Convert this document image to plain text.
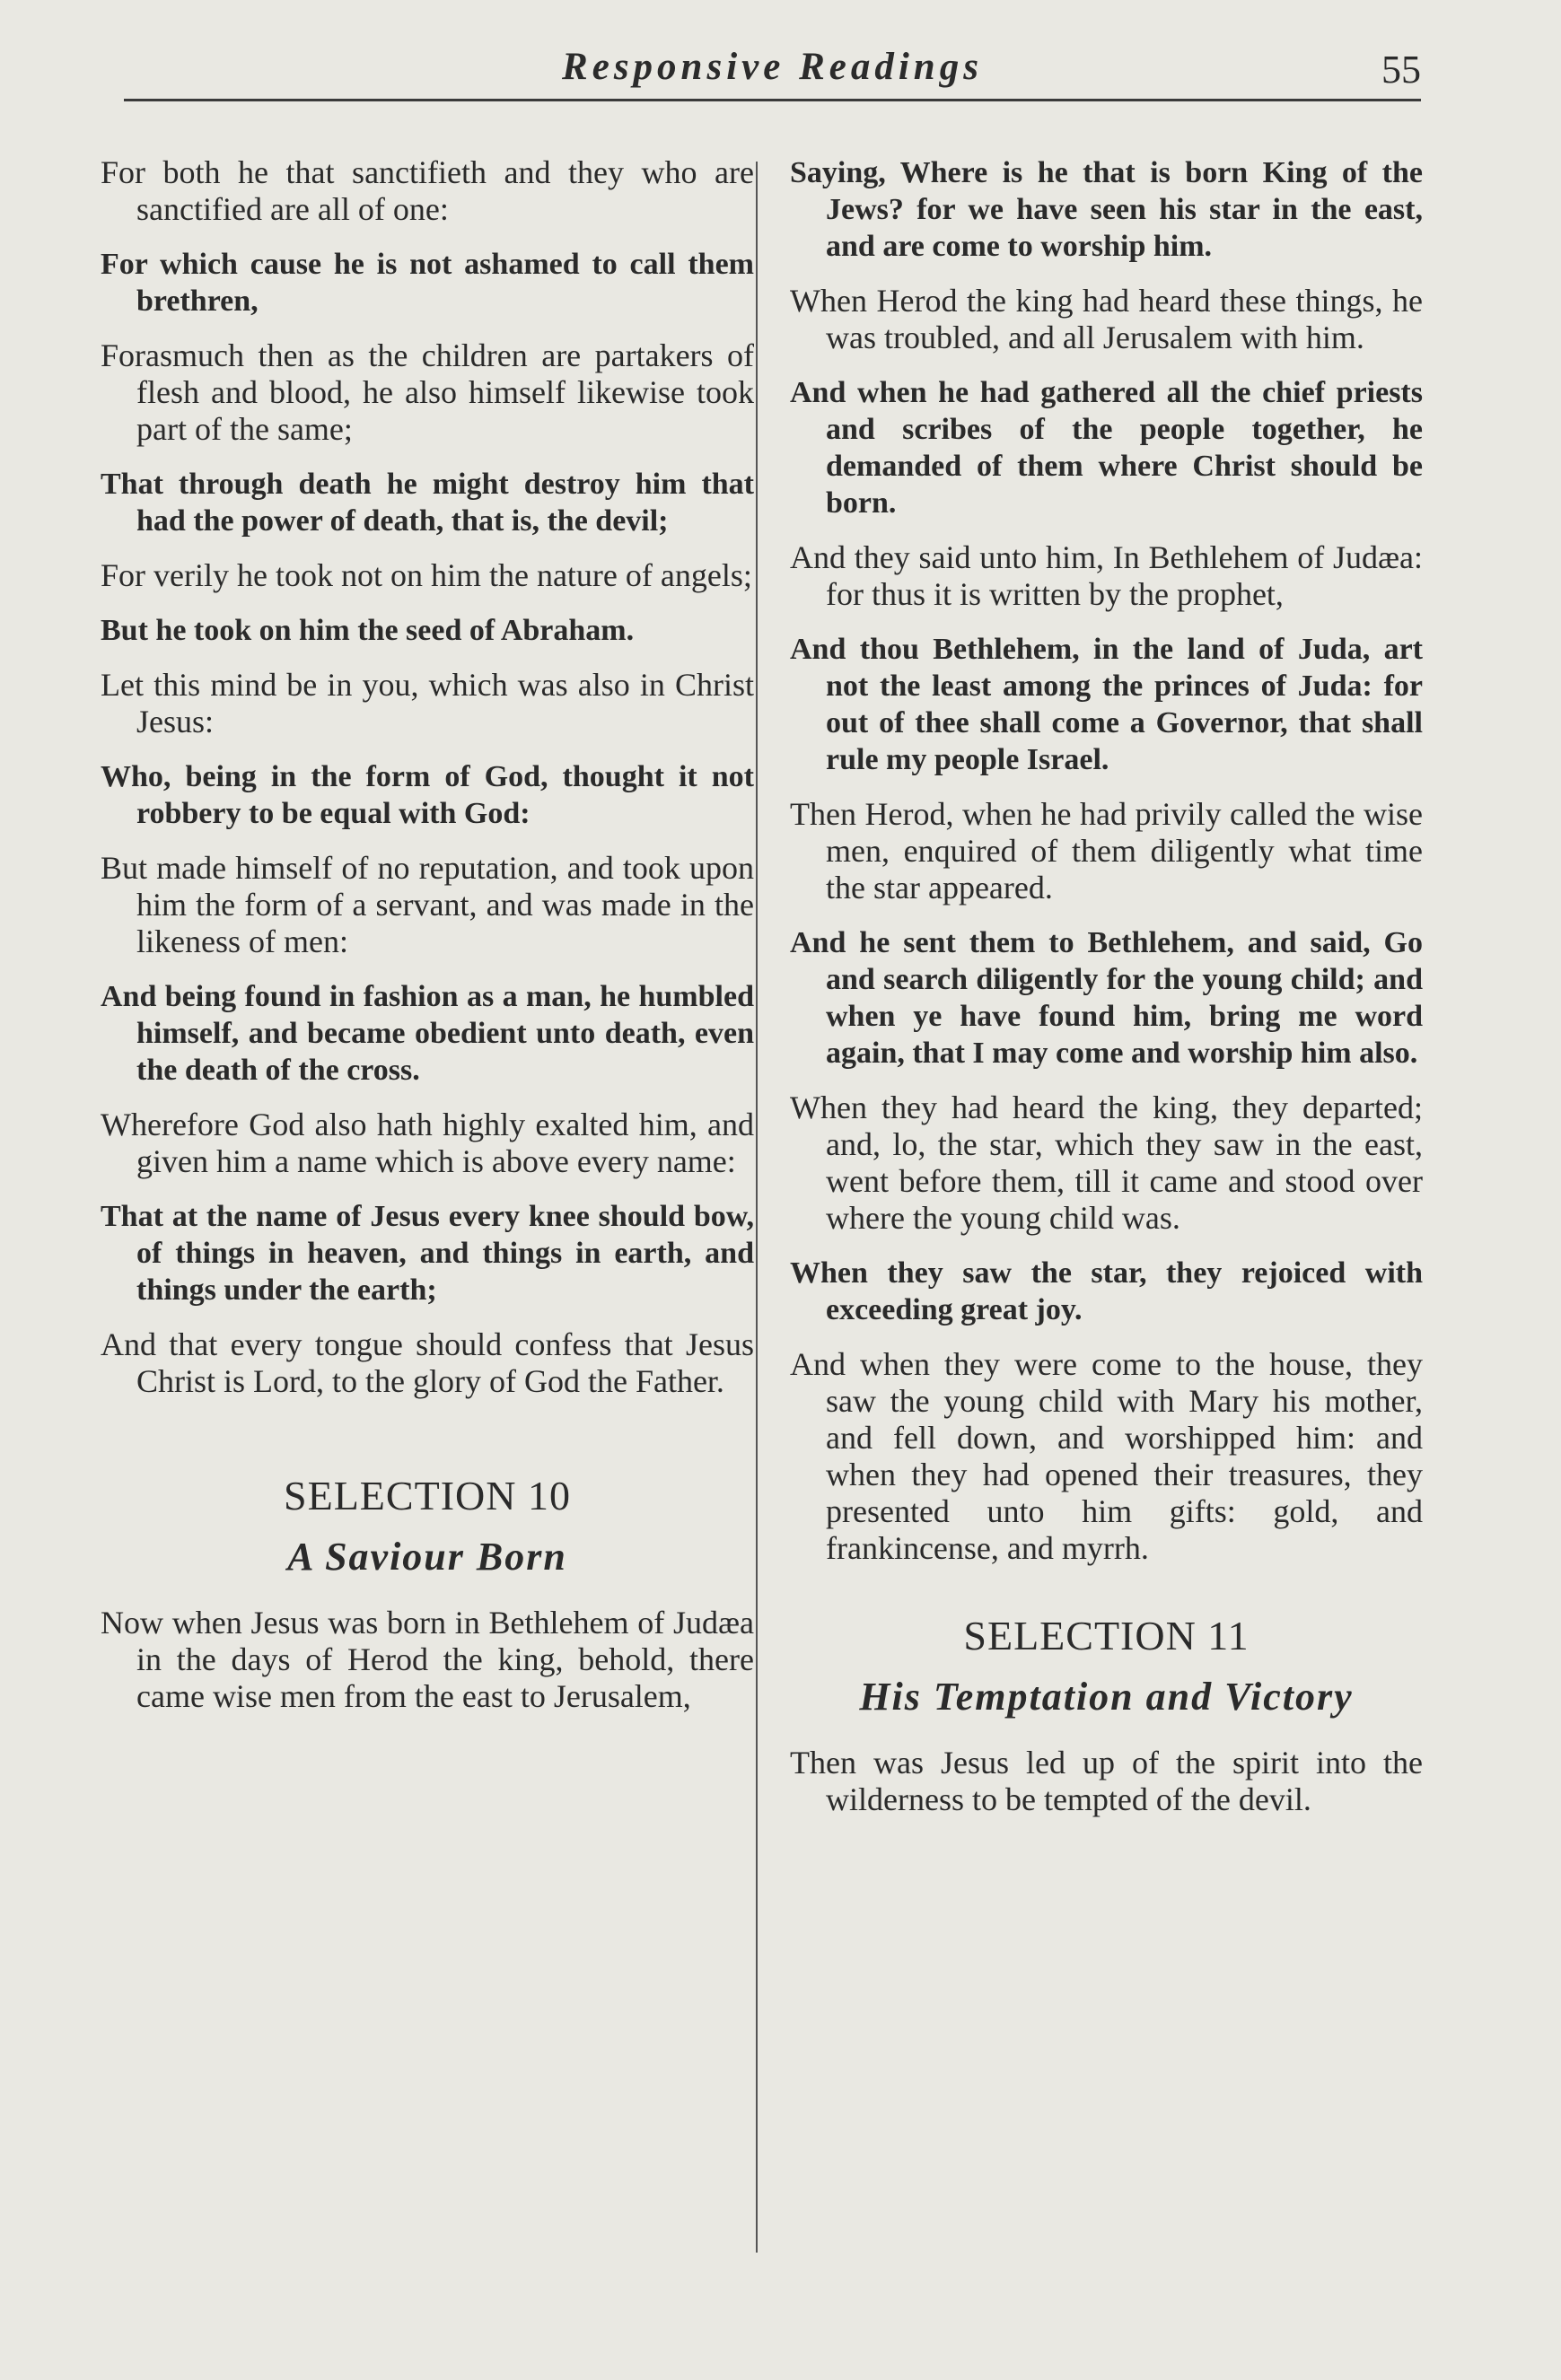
Responsive Readings	55

For both he that sanctifieth and they who are sanctified are all of one:

For which cause he is not ashamed to call them brethren,

Forasmuch then as the children are partakers of flesh and blood, he also himself likewise took part of the same;

That through death he might destroy him that had the power of death, that is, the devil;

For verily he took not on him the nature of angels;

But he took on him the seed of Abraham.

Let this mind be in you, which was also in Christ Jesus:

Who, being in the form of God, thought it not robbery to be equal with God:

But made himself of no reputation, and took upon him the form of a servant, and was made in the likeness of men:

And being found in fashion as a man, he humbled himself, and became obedient unto death, even the death of the cross.

Wherefore God also hath highly exalted him, and given him a name which is above every name:

That at the name of Jesus every knee should bow, of things in heaven, and things in earth, and things under the earth;

And that every tongue should confess that Jesus Christ is Lord, to the glory of God the Father.

SELECTION 10
A Saviour Born

Now when Jesus was born in Bethlehem of Judæa in the days of Herod the king, behold, there came wise men from the east to Jerusalem,

Saying, Where is he that is born King of the Jews? for we have seen his star in the east, and are come to worship him.

When Herod the king had heard these things, he was troubled, and all Jerusalem with him.

And when he had gathered all the chief priests and scribes of the people together, he demanded of them where Christ should be born.

And they said unto him, In Bethlehem of Judæa: for thus it is written by the prophet,

And thou Bethlehem, in the land of Juda, art not the least among the princes of Juda: for out of thee shall come a Governor, that shall rule my people Israel.

Then Herod, when he had privily called the wise men, enquired of them diligently what time the star appeared.

And he sent them to Bethlehem, and said, Go and search diligently for the young child; and when ye have found him, bring me word again, that I may come and worship him also.

When they had heard the king, they departed; and, lo, the star, which they saw in the east, went before them, till it came and stood over where the young child was.

When they saw the star, they rejoiced with exceeding great joy.

And when they were come to the house, they saw the young child with Mary his mother, and fell down, and worshipped him: and when they had opened their treasures, they presented unto him gifts: gold, and frankincense, and myrrh.

SELECTION 11
His Temptation and Victory

Then was Jesus led up of the spirit into the wilderness to be tempted of the devil.
